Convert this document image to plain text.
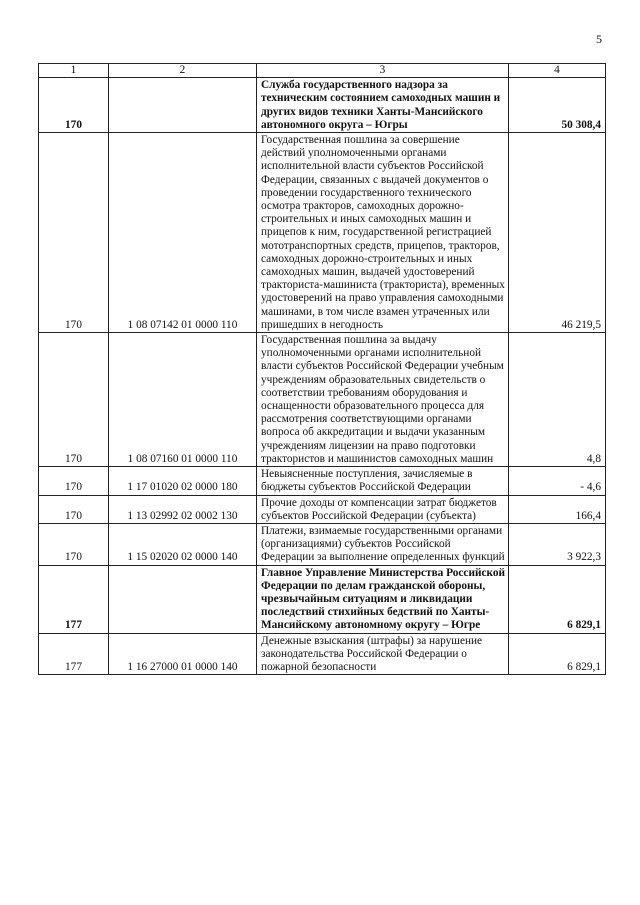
5
1	2	3	4
170		Служба государственного надзора за техническим состоянием самоходных машин и других видов техники Ханты-Мансийского автономного округа – Югры	50 308,4
170	1 08 07142 01 0000 110	Государственная пошлина за совершение действий уполномоченными органами исполнительной власти субъектов Российской Федерации, связанных с выдачей документов о проведении государственного технического осмотра тракторов, самоходных дорожно-строительных и иных самоходных машин и прицепов к ним, государственной регистрацией мототранспортных средств, прицепов, тракторов, самоходных дорожно-строительных и иных самоходных машин, выдачей удостоверений тракториста-машиниста (тракториста), временных удостоверений на право управления самоходными машинами, в том числе взамен утраченных или пришедших в негодность	46 219,5
170	1 08 07160 01 0000 110	Государственная пошлина за выдачу уполномоченными органами исполнительной власти субъектов Российской Федерации учебным учреждениям образовательных свидетельств о соответствии требованиям оборудования и оснащенности образовательного процесса для рассмотрения соответствующими органами вопроса об аккредитации и выдачи указанным учреждениям лицензии на право подготовки трактористов и машинистов самоходных машин	4,8
170	1 17 01020 02 0000 180	Невыясненные поступления, зачисляемые в бюджеты субъектов Российской Федерации	- 4,6
170	1 13 02992 02 0002 130	Прочие доходы от компенсации затрат бюджетов субъектов Российской Федерации (субъекта)	166,4
170	1 15 02020 02 0000 140	Платежи, взимаемые государственными органами (организациями) субъектов Российской Федерации за выполнение определенных функций	3 922,3
177		Главное Управление Министерства Российской Федерации по делам гражданской обороны, чрезвычайным ситуациям и ликвидации последствий стихийных бедствий по Ханты-Мансийскому автономному округу – Югре	6 829,1
177	1 16 27000 01 0000 140	Денежные взыскания (штрафы) за нарушение законодательства Российской Федерации о пожарной безопасности	6 829,1
